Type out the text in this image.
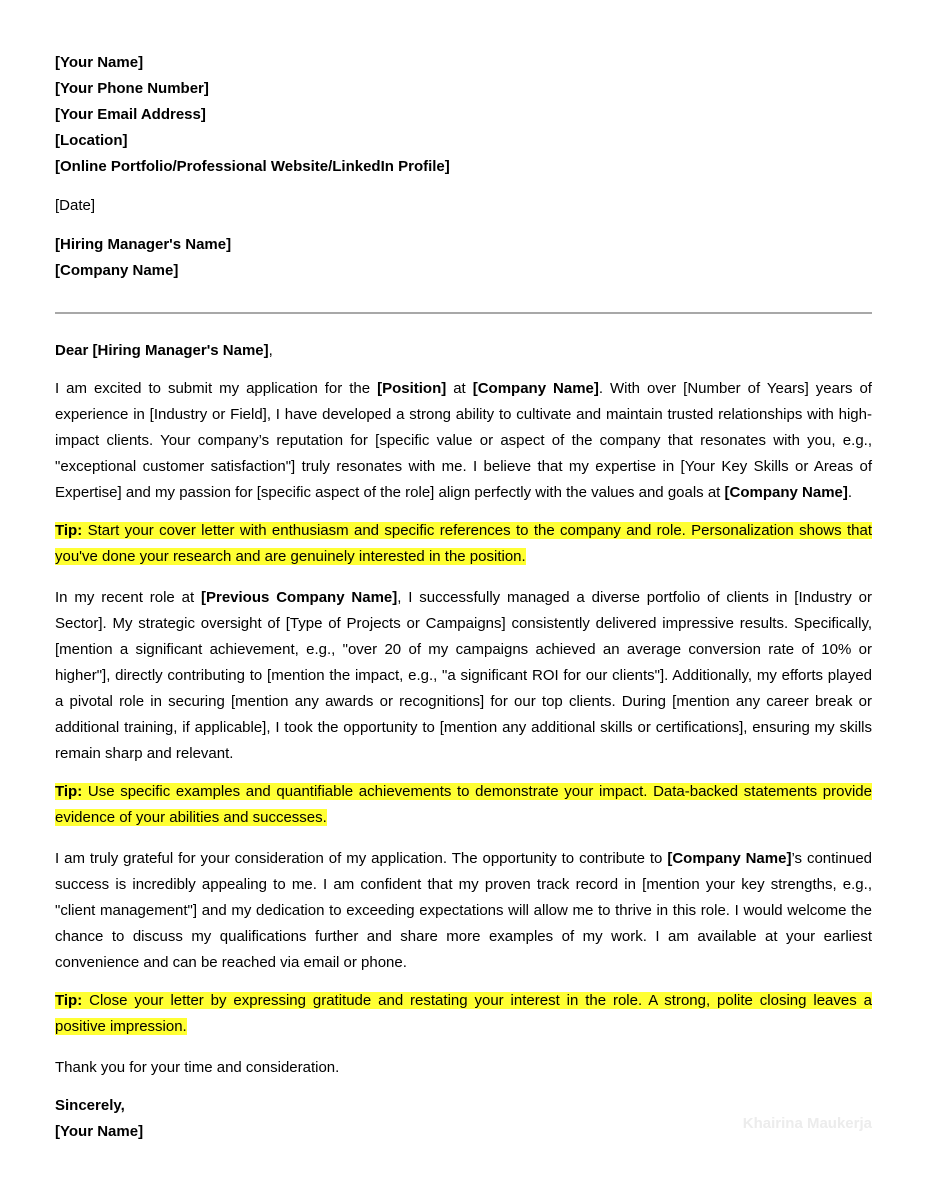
[Your Name]
[Your Phone Number]
[Your Email Address]
[Location]
[Online Portfolio/Professional Website/LinkedIn Profile]
[Date]
[Hiring Manager's Name]
[Company Name]
Dear [Hiring Manager's Name],

I am excited to submit my application for the [Position] at [Company Name]. With over [Number of Years] years of experience in [Industry or Field], I have developed a strong ability to cultivate and maintain trusted relationships with high-impact clients. Your company’s reputation for [specific value or aspect of the company that resonates with you, e.g., "exceptional customer satisfaction"] truly resonates with me. I believe that my expertise in [Your Key Skills or Areas of Expertise] and my passion for [specific aspect of the role] align perfectly with the values and goals at [Company Name].

Tip: Start your cover letter with enthusiasm and specific references to the company and role. Personalization shows that you've done your research and are genuinely interested in the position.

In my recent role at [Previous Company Name], I successfully managed a diverse portfolio of clients in [Industry or Sector]. My strategic oversight of [Type of Projects or Campaigns] consistently delivered impressive results. Specifically, [mention a significant achievement, e.g., "over 20 of my campaigns achieved an average conversion rate of 10% or higher"], directly contributing to [mention the impact, e.g., "a significant ROI for our clients"]. Additionally, my efforts played a pivotal role in securing [mention any awards or recognitions] for our top clients. During [mention any career break or additional training, if applicable], I took the opportunity to [mention any additional skills or certifications], ensuring my skills remain sharp and relevant.

Tip: Use specific examples and quantifiable achievements to demonstrate your impact. Data-backed statements provide evidence of your abilities and successes.

I am truly grateful for your consideration of my application. The opportunity to contribute to [Company Name]’s continued success is incredibly appealing to me. I am confident that my proven track record in [mention your key strengths, e.g., "client management"] and my dedication to exceeding expectations will allow me to thrive in this role. I would welcome the chance to discuss my qualifications further and share more examples of my work. I am available at your earliest convenience and can be reached via email or phone.

Tip: Close your letter by expressing gratitude and restating your interest in the role. A strong, polite closing leaves a positive impression.

Thank you for your time and consideration.
Sincerely,
[Your Name]	Khairina Maukerja
